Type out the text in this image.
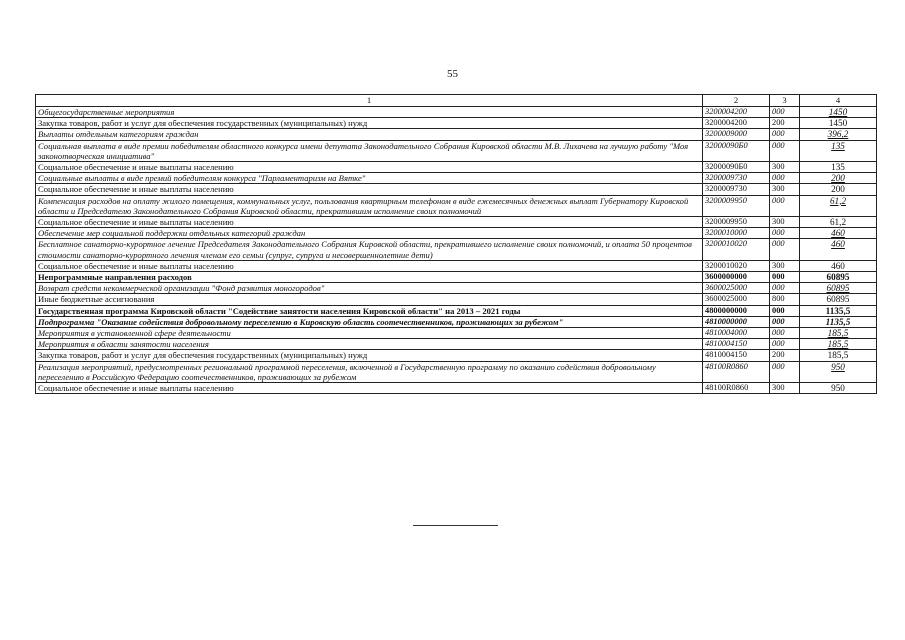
55
1	2	3	4
Общегосударственные мероприятия	3200004200	000	1450
Закупка товаров, работ и услуг для обеспечения государственных (муниципальных) нужд	3200004200	200	1450
Выплаты отдельным категориям граждан	3200009000	000	396,2
Социальная выплата в виде премии победителям областного конкурса имени депутата Законодательного Собрания Кировской области М.В. Лихачева на лучшую работу "Моя законотворческая инициатива"	32000090Б0	000	135
Социальное обеспечение и иные выплаты населению	32000090Б0	300	135
Социальные выплаты в виде премий победителям конкурса "Парламентаризм на Вятке"	3200009730	000	200
Социальное обеспечение и иные выплаты населению	3200009730	300	200
Компенсация расходов на оплату жилого помещения, коммунальных услуг, пользования квартирным телефоном в виде ежемесячных денежных выплат Губернатору Кировской области и Председателю Законодательного Собрания Кировской области, прекратившим исполнение своих полномочий	3200009950	000	61,2
Социальное обеспечение и иные выплаты населению	3200009950	300	61,2
Обеспечение мер социальной поддержки отдельных категорий граждан	3200010000	000	460
Бесплатное санаторно-курортное лечение Председателя Законодательного Собрания Кировской области, прекратившего исполнение своих полномочий, и оплата 50 процентов стоимости санаторно-курортного лечения членам его семьи (супруг, супруга и несовершеннолетние дети)	3200010020	000	460
Социальное обеспечение и иные выплаты населению	3200010020	300	460
Непрограммные направления расходов	3600000000	000	60895
Возврат средств некоммерческой организации "Фонд развития моногородов"	3600025000	000	60895
Иные бюджетные ассигнования	3600025000	800	60895
Государственная программа Кировской области "Содействие занятости населения Кировской области" на 2013 – 2021 годы	4800000000	000	1135,5
Подпрограмма "Оказание содействия добровольному переселению в Кировскую область соотечественников, проживающих за рубежом"	4810000000	000	1135,5
Мероприятия в установленной сфере деятельности	4810004000	000	185,5
Мероприятия в области занятости населения	4810004150	000	185,5
Закупка товаров, работ и услуг для обеспечения государственных (муниципальных) нужд	4810004150	200	185,5
Реализация мероприятий, предусмотренных региональной программой переселения, включенной в Государственную программу по оказанию содействия добровольному переселению в Российскую Федерацию соотечественников, проживающих за рубежом	48100R0860	000	950
Социальное обеспечение и иные выплаты населению	48100R0860	300	950
